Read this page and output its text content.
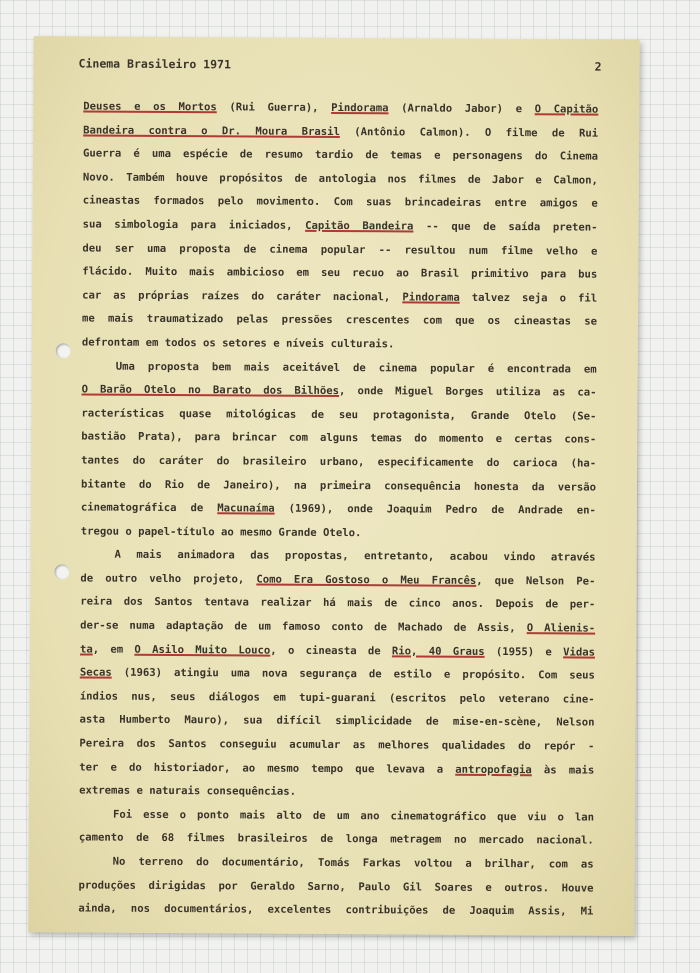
Cinema Brasileiro 1971	2
Deuses e os Mortos (Rui Guerra), Pindorama (Arnaldo Jabor) e O Capitão
Bandeira contra o Dr. Moura Brasil (Antônio Calmon). O filme de Rui
Guerra é uma espécie de resumo tardio de temas e personagens do Cinema
Novo. Também houve propósitos de antologia nos filmes de Jabor e Calmon,
cineastas formados pelo movimento. Com suas brincadeiras entre amigos e
sua simbologia para iniciados, Capitão Bandeira -- que de saída preten-
deu ser uma proposta de cinema popular -- resultou num filme velho e
flácido. Muito mais ambicioso em seu recuo ao Brasil primitivo para bus
car as próprias raízes do caráter nacional, Pindorama talvez seja o fil
me mais traumatizado pelas pressões crescentes com que os cineastas se
defrontam em todos os setores e níveis culturais.
Uma proposta bem mais aceitável de cinema popular é encontrada em
O Barão Otelo no Barato dos Bilhões, onde Miguel Borges utiliza as ca-
racterísticas quase mitológicas de seu protagonista, Grande Otelo (Se-
bastião Prata), para brincar com alguns temas do momento e certas cons-
tantes do caráter do brasileiro urbano, especificamente do carioca (ha-
bitante do Rio de Janeiro), na primeira consequência honesta da versão
cinematográfica de Macunaíma (1969), onde Joaquim Pedro de Andrade en-
tregou o papel-título ao mesmo Grande Otelo.
A mais animadora das propostas, entretanto, acabou vindo através
de outro velho projeto, Como Era Gostoso o Meu Francês, que Nelson Pe-
reira dos Santos tentava realizar há mais de cinco anos. Depois de per-
der-se numa adaptação de um famoso conto de Machado de Assis, O Alienis-
ta, em O Asilo Muito Louco, o cineasta de Rio, 40 Graus (1955) e Vidas
Secas (1963) atingiu uma nova segurança de estilo e propósito. Com seus
índios nus, seus diálogos em tupi-guarani (escritos pelo veterano cine-
asta Humberto Mauro), sua difícil simplicidade de mise-en-scène, Nelson
Pereira dos Santos conseguiu acumular as melhores qualidades do repór -
ter e do historiador, ao mesmo tempo que levava a antropofagia às mais
extremas e naturais consequências.
Foi esse o ponto mais alto de um ano cinematográfico que viu o lan
çamento de 68 filmes brasileiros de longa metragem no mercado nacional.
No terreno do documentário, Tomás Farkas voltou a brilhar, com as
produções dirigidas por Geraldo Sarno, Paulo Gil Soares e outros. Houve
ainda, nos documentários, excelentes contribuições de Joaquim Assis, Mi
